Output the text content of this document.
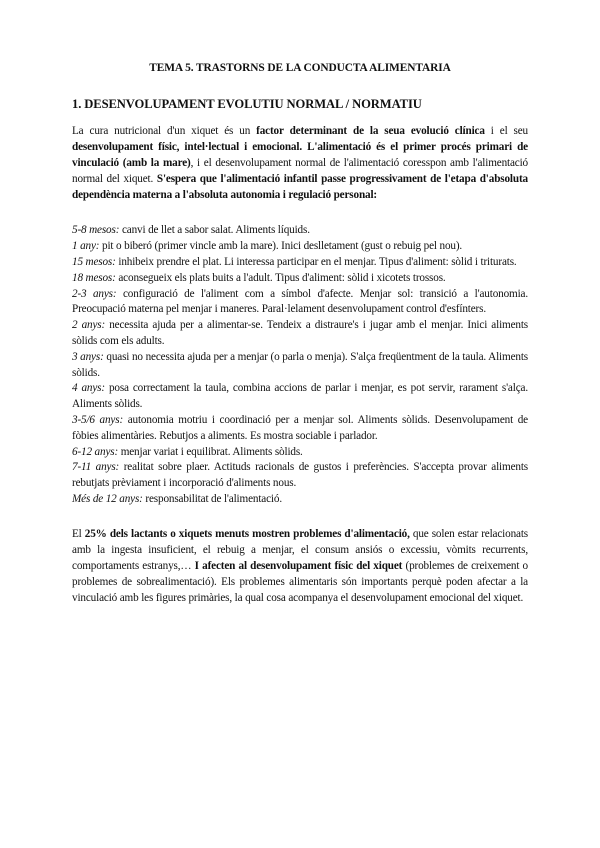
TEMA 5. TRASTORNS DE LA CONDUCTA ALIMENTARIA
1. DESENVOLUPAMENT EVOLUTIU NORMAL / NORMATIU

La cura nutricional d'un xiquet és un factor determinant de la seua evolució clínica i el seu desenvolupament físic, intel·lectual i emocional. L'alimentació és el primer procés primari de vinculació (amb la mare), i el desenvolupament normal de l'alimentació coresspon amb l'alimentació normal del xiquet. S'espera que l'alimentació infantil passe progressivament de l'etapa d'absoluta dependència materna a l'absoluta autonomia i regulació personal:

5-8 mesos: canvi de llet a sabor salat. Aliments líquids.

1 any: pit o biberó (primer vincle amb la mare). Inici deslletament (gust o rebuig pel nou).

15 mesos: inhibeix prendre el plat. Li interessa participar en el menjar. Tipus d'aliment: sòlid i triturats.

18 mesos: aconsegueix els plats buits a l'adult. Tipus d'aliment: sòlid i xicotets trossos.

2-3 anys: configuració de l'aliment com a símbol d'afecte. Menjar sol: transició a l'autonomia. Preocupació materna pel menjar i maneres. Paral·lelament desenvolupament control d'esfínters.

2 anys: necessita ajuda per a alimentar-se. Tendeix a distraure's i jugar amb el menjar. Inici aliments sòlids com els adults.

3 anys: quasi no necessita ajuda per a menjar (o parla o menja). S'alça freqüentment de la taula. Aliments sòlids.

4 anys: posa correctament la taula, combina accions de parlar i menjar, es pot servir, rarament s'alça. Aliments sòlids.

3-5/6 anys: autonomia motriu i coordinació per a menjar sol. Aliments sòlids. Desenvolupament de fòbies alimentàries. Rebutjos a aliments. Es mostra sociable i parlador.

6-12 anys: menjar variat i equilibrat. Aliments sòlids.

7-11 anys: realitat sobre plaer. Actituds racionals de gustos i preferències. S'accepta provar aliments rebutjats prèviament i incorporació d'aliments nous.

Més de 12 anys: responsabilitat de l'alimentació.

El 25% dels lactants o xiquets menuts mostren problemes d'alimentació, que solen estar relacionats amb la ingesta insuficient, el rebuig a menjar, el consum ansiós o excessiu, vòmits recurrents, comportaments estranys,… I afecten al desenvolupament físic del xiquet (problemes de creixement o problemes de sobrealimentació). Els problemes alimentaris són importants perquè poden afectar a la vinculació amb les figures primàries, la qual cosa acompanya el desenvolupament emocional del xiquet.
